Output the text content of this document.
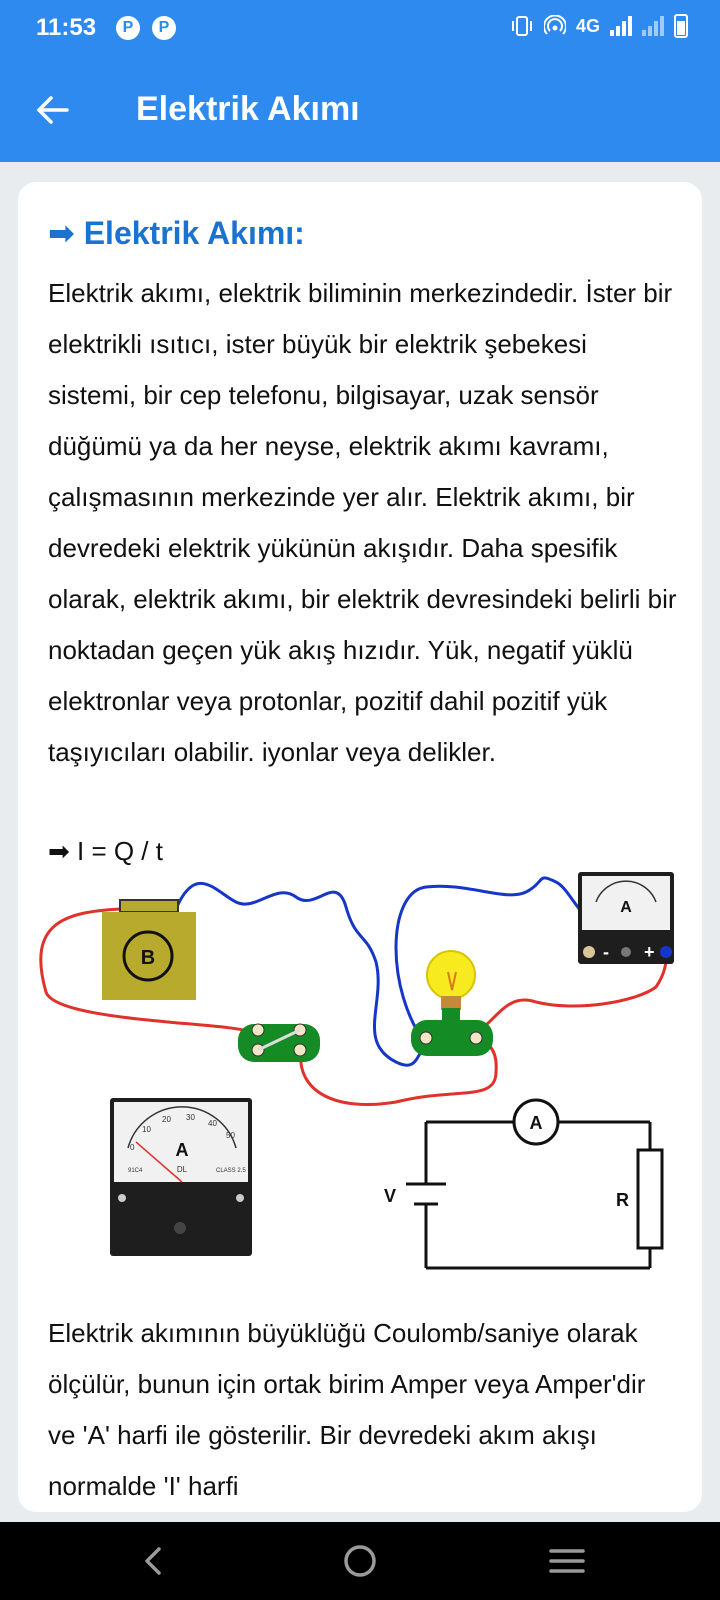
11:53	P	P	4G
Elektrik Akımı
➡ Elektrik Akımı:
Elektrik akımı, elektrik biliminin merkezindedir. İster bir elektrikli ısıtıcı, ister büyük bir elektrik şebekesi sistemi, bir cep telefonu, bilgisayar, uzak sensör düğümü ya da her neyse, elektrik akımı kavramı, çalışmasının merkezinde yer alır. Elektrik akımı, bir devredeki elektrik yükünün akışıdır. Daha spesifik olarak, elektrik akımı, bir elektrik devresindeki belirli bir noktadan geçen yük akış hızıdır. Yük, negatif yüklü elektronlar veya protonlar, pozitif dahil pozitif yük taşıyıcıları olabilir. iyonlar veya delikler.
➡ I = Q / t
B
A
- +
0
10
20 30
40
50
A
DL
91C4	CLASS 2.5
A
V	R
Elektrik akımının büyüklüğü Coulomb/saniye olarak ölçülür, bunun için ortak birim Amper veya Amper'dir ve 'A' harfi ile gösterilir. Bir devredeki akım akışı normalde 'I' harfi
